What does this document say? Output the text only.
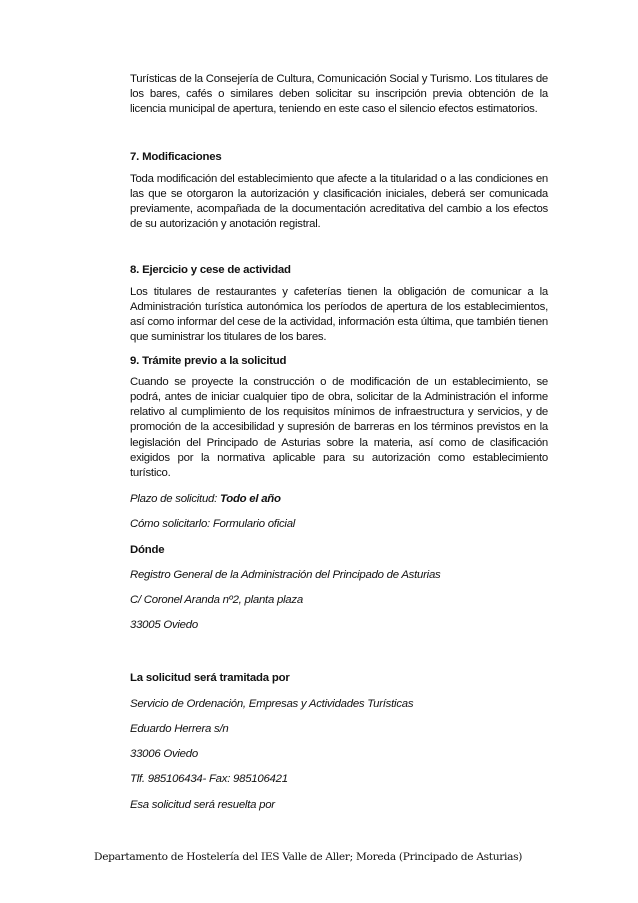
Turísticas de la Consejería de Cultura, Comunicación Social y Turismo. Los titulares de los bares, cafés o similares deben solicitar su inscripción previa obtención de la licencia municipal de apertura, teniendo en este caso el silencio efectos estimatorios.

7. Modificaciones

Toda modificación del establecimiento que afecte a la titularidad o a las condiciones en las que se otorgaron la autorización y clasificación iniciales, deberá ser comunicada previamente, acompañada de la documentación acreditativa del cambio a los efectos de su autorización y anotación registral.

8. Ejercicio y cese de actividad

Los titulares de restaurantes y cafeterías tienen la obligación de comunicar a la Administración turística autonómica los períodos de apertura de los establecimientos, así como informar del cese de la actividad, información esta última, que también tienen que suministrar los titulares de los bares.

9. Trámite previo a la solicitud

Cuando se proyecte la construcción o de modificación de un establecimiento, se podrá, antes de iniciar cualquier tipo de obra, solicitar de la Administración el informe relativo al cumplimiento de los requisitos mínimos de infraestructura y servicios, y de promoción de la accesibilidad y supresión de barreras en los términos previstos en la legislación del Principado de Asturias sobre la materia, así como de clasificación exigidos por la normativa aplicable para su autorización como establecimiento turístico.

Plazo de solicitud: Todo el año

Cómo solicitarlo: Formulario oficial

Dónde

Registro General de la Administración del Principado de Asturias

C/ Coronel Aranda nº2, planta plaza

33005 Oviedo

La solicitud será tramitada por

Servicio de Ordenación, Empresas y Actividades Turísticas

Eduardo Herrera s/n

33006 Oviedo

Tlf. 985106434- Fax: 985106421

Esa solicitud será resuelta por

Departamento de Hostelería del IES Valle de Aller; Moreda (Principado de Asturias)
